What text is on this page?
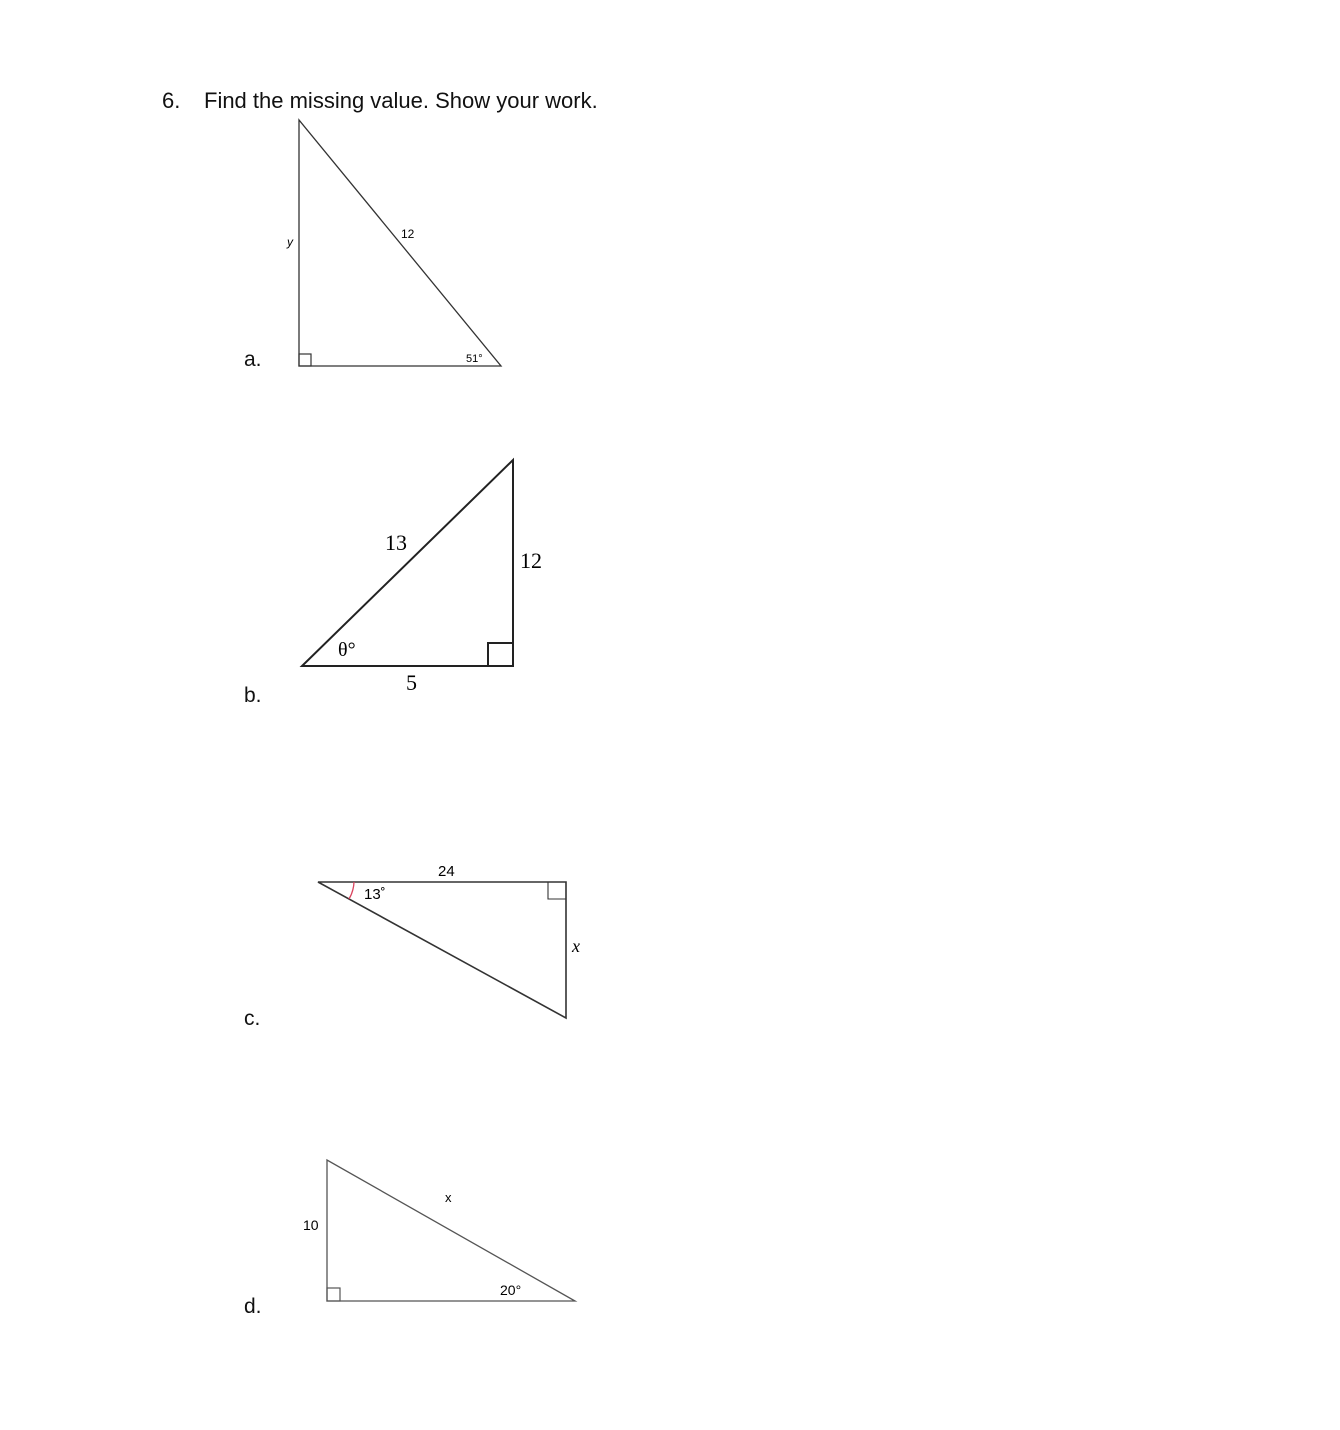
6. Find the missing value. Show your work.
a.
b.
c.
d.
y
12
51°
13
12
5
θ°
24
13˚
x
10
x
20°
